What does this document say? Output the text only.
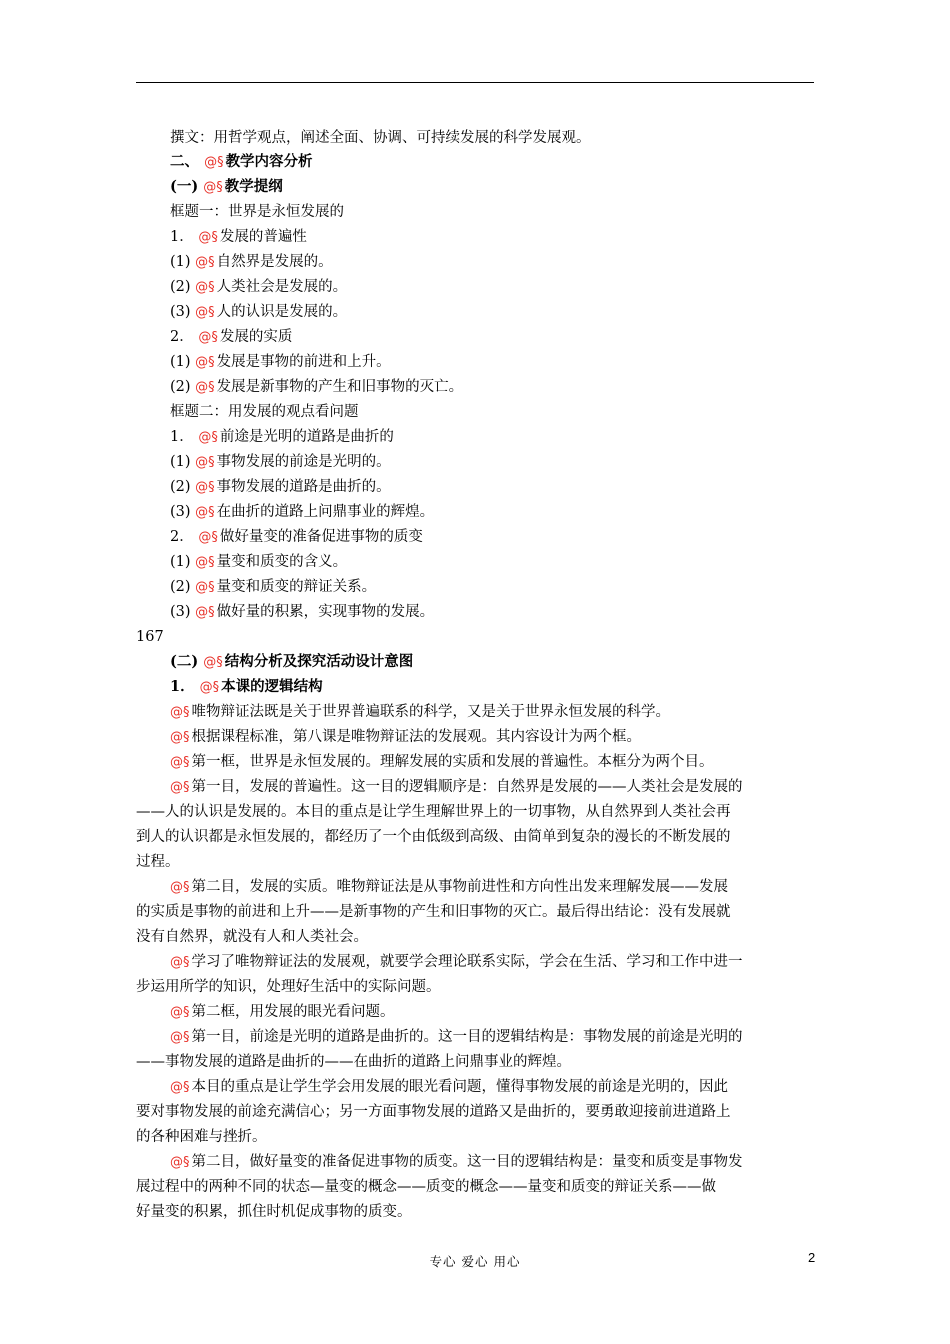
撰文：用哲学观点，阐述全面、协调、可持续发展的科学发展观。
二、 @§ 教学内容分析
(一) @§ 教学提纲
框题一：世界是永恒发展的
1． @§ 发展的普遍性
(1) @§ 自然界是发展的。
(2) @§ 人类社会是发展的。
(3) @§ 人的认识是发展的。
2． @§ 发展的实质
(1) @§ 发展是事物的前进和上升。
(2) @§ 发展是新事物的产生和旧事物的灭亡。
框题二：用发展的观点看问题
1． @§ 前途是光明的道路是曲折的
(1) @§ 事物发展的前途是光明的。
(2) @§ 事物发展的道路是曲折的。
(3) @§ 在曲折的道路上问鼎事业的辉煌。
2． @§ 做好量变的准备促进事物的质变
(1) @§ 量变和质变的含义。
(2) @§ 量变和质变的辩证关系。
(3) @§ 做好量的积累，实现事物的发展。
167
(二) @§ 结构分析及探究活动设计意图
1． @§ 本课的逻辑结构
@§ 唯物辩证法既是关于世界普遍联系的科学，又是关于世界永恒发展的科学。
@§ 根据课程标准，第八课是唯物辩证法的发展观。其内容设计为两个框。
@§ 第一框，世界是永恒发展的。理解发展的实质和发展的普遍性。本框分为两个目。
@§ 第一目，发展的普遍性。这一目的逻辑顺序是：自然界是发展的——人类社会是发展的
——人的认识是发展的。本目的重点是让学生理解世界上的一切事物，从自然界到人类社会再
到人的认识都是永恒发展的，都经历了一个由低级到高级、由简单到复杂的漫长的不断发展的
过程。
@§ 第二目，发展的实质。唯物辩证法是从事物前进性和方向性出发来理解发展——发展
的实质是事物的前进和上升——是新事物的产生和旧事物的灭亡。最后得出结论：没有发展就
没有自然界，就没有人和人类社会。
@§ 学习了唯物辩证法的发展观，就要学会理论联系实际，学会在生活、学习和工作中进一
步运用所学的知识，处理好生活中的实际问题。
@§ 第二框，用发展的眼光看问题。
@§ 第一目，前途是光明的道路是曲折的。这一目的逻辑结构是：事物发展的前途是光明的
——事物发展的道路是曲折的——在曲折的道路上问鼎事业的辉煌。
@§ 本目的重点是让学生学会用发展的眼光看问题，懂得事物发展的前途是光明的，因此
要对事物发展的前途充满信心；另一方面事物发展的道路又是曲折的，要勇敢迎接前进道路上
的各种困难与挫折。
@§ 第二目，做好量变的准备促进事物的质变。这一目的逻辑结构是：量变和质变是事物发
展过程中的两种不同的状态—量变的概念——质变的概念——量变和质变的辩证关系——做
好量变的积累，抓住时机促成事物的质变。
专心 爱心 用心	2
